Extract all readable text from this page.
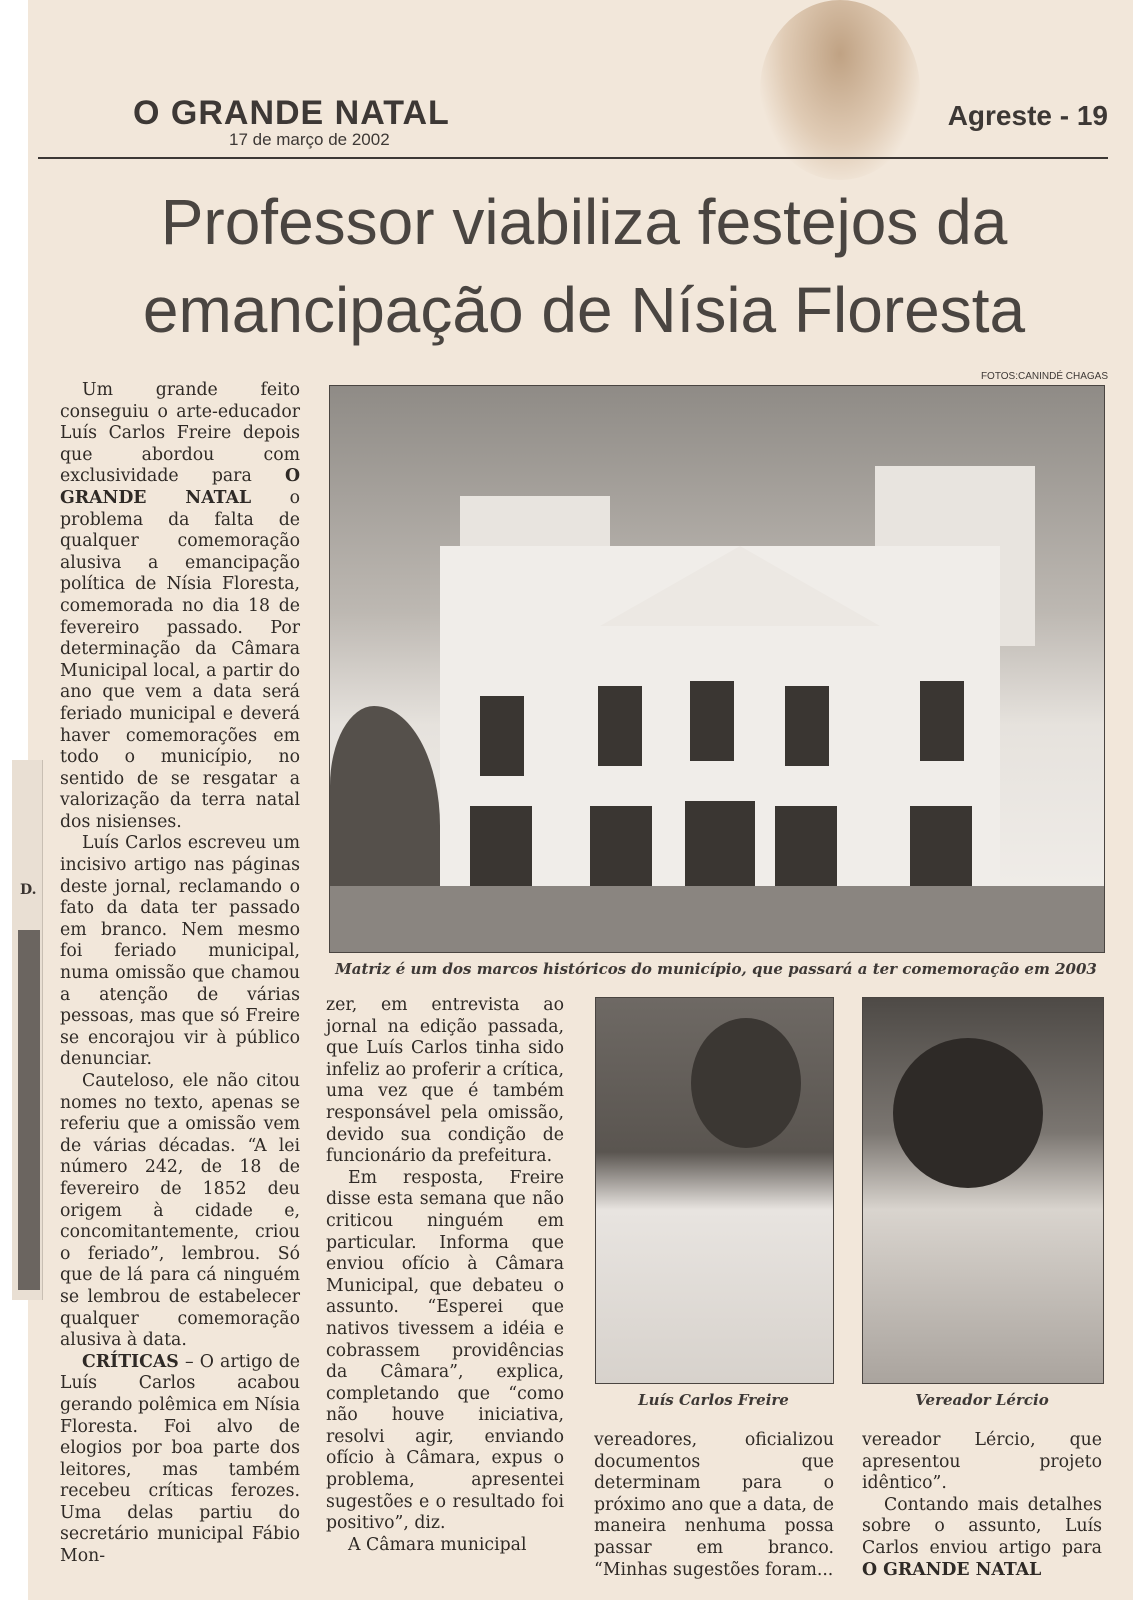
D.
O GRANDE NATAL
17 de março de 2002
Agreste - 19
Professor viabiliza festejos da
emancipação de Nísia Floresta
FOTOS:CANINDÉ CHAGAS
Matriz é um dos marcos históricos do município, que passará a ter comemoração em 2003
Luís Carlos Freire	Vereador Lércio

Um grande feito conseguiu o arte-educador Luís Carlos Freire depois que abordou com exclusividade para O GRANDE NATAL o problema da falta de qualquer comemoração alusiva a emancipação política de Nísia Floresta, comemorada no dia 18 de fevereiro passado. Por determinação da Câmara Municipal local, a partir do ano que vem a data será feriado municipal e deverá haver comemorações em todo o município, no sentido de se resgatar a valorização da terra natal dos nisienses.

Luís Carlos escreveu um incisivo artigo nas páginas deste jornal, reclamando o fato da data ter passado em branco. Nem mesmo foi feriado municipal, numa omissão que chamou a atenção de várias pessoas, mas que só Freire se encorajou vir à público denunciar.

Cauteloso, ele não citou nomes no texto, apenas se referiu que a omissão vem de várias décadas. “A lei número 242, de 18 de fevereiro de 1852 deu origem à cidade e, concomitantemente, criou o feriado”, lembrou. Só que de lá para cá ninguém se lembrou de estabelecer qualquer comemoração alusiva à data.

CRÍTICAS – O artigo de Luís Carlos acabou gerando polêmica em Nísia Floresta. Foi alvo de elogios por boa parte dos leitores, mas também recebeu críticas ferozes. Uma delas partiu do secretário municipal Fábio Mon-

zer, em entrevista ao jornal na edição passada, que Luís Carlos tinha sido infeliz ao proferir a crítica, uma vez que é também responsável pela omissão, devido sua condição de funcionário da prefeitura.

Em resposta, Freire disse esta semana que não criticou ninguém em particular. Informa que enviou ofício à Câmara Municipal, que debateu o assunto. “Esperei que nativos tivessem a idéia e cobrassem providências da Câmara”, explica, completando que “como não houve iniciativa, resolvi agir, enviando ofício à Câmara, expus o problema, apresentei sugestões e o resultado foi positivo”, diz.

A Câmara municipal

vereadores, oficializou documentos que determinam para o próximo ano que a data, de maneira nenhuma possa passar em branco. “Minhas sugestões foram...

vereador Lércio, que apresentou projeto idêntico”.

Contando mais detalhes sobre o assunto, Luís Carlos enviou artigo para O GRANDE NATAL
